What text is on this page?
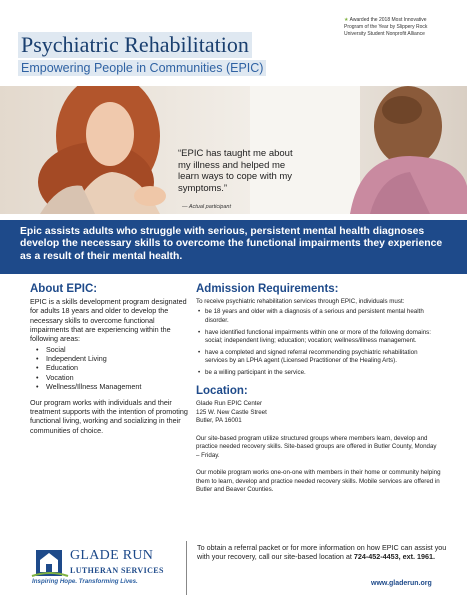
★ Awarded the 2018 Most Innovative
Program of the Year by Slippery Rock
University Student Nonprofit Alliance
Psychiatric Rehabilitation
Empowering People in Communities (EPIC)
“EPIC has taught me about
my illness and helped me
learn ways to cope with my
symptoms.”
— Actual participant
Epic assists adults who struggle with serious, persistent mental health diagnoses develop the necessary skills to overcome the functional impairments they experience as a result of their mental health.
About EPIC:
EPIC is a skills development program designated for adults 18 years and older to develop the necessary skills to overcome functional impairments that are experiencing within the following areas:
• Social
• Independent Living
• Education
• Vocation
• Wellness/Illness Management
Our program works with individuals and their treatment supports with the intention of promoting functional living, working and socializing in their communities of choice.
Admission Requirements:
To receive psychiatric rehabilitation services through EPIC, individuals must:
• be 18 years and older with a diagnosis of a serious and persistent mental health disorder.
• have identified functional impairments within one or more of the following domains: social; independent living; education; vocation; wellness/illness management.
• have a completed and signed referral recommending psychiatric rehabilitation services by an LPHA agent (Licensed Practitioner of the Healing Arts).
• be a willing participant in the service.
Location:
Glade Run EPIC Center
125 W. New Castle Street
Butler, PA 16001
Our site-based program utilize structured groups where members learn, develop and practice needed recovery skills. Site-based groups are offered in Butler County, Monday – Friday.
Our mobile program works one-on-one with members in their home or community helping them to learn, develop and practice needed recovery skills. Mobile services are offered in Butler and Beaver Counties.
GLADE RUN
LUTHERAN SERVICES
Inspiring Hope. Transforming Lives.
To obtain a referral packet or for more information on how EPIC can assist you with your recovery, call our site-based location at 724-452-4453, ext. 1961.
www.gladerun.org
